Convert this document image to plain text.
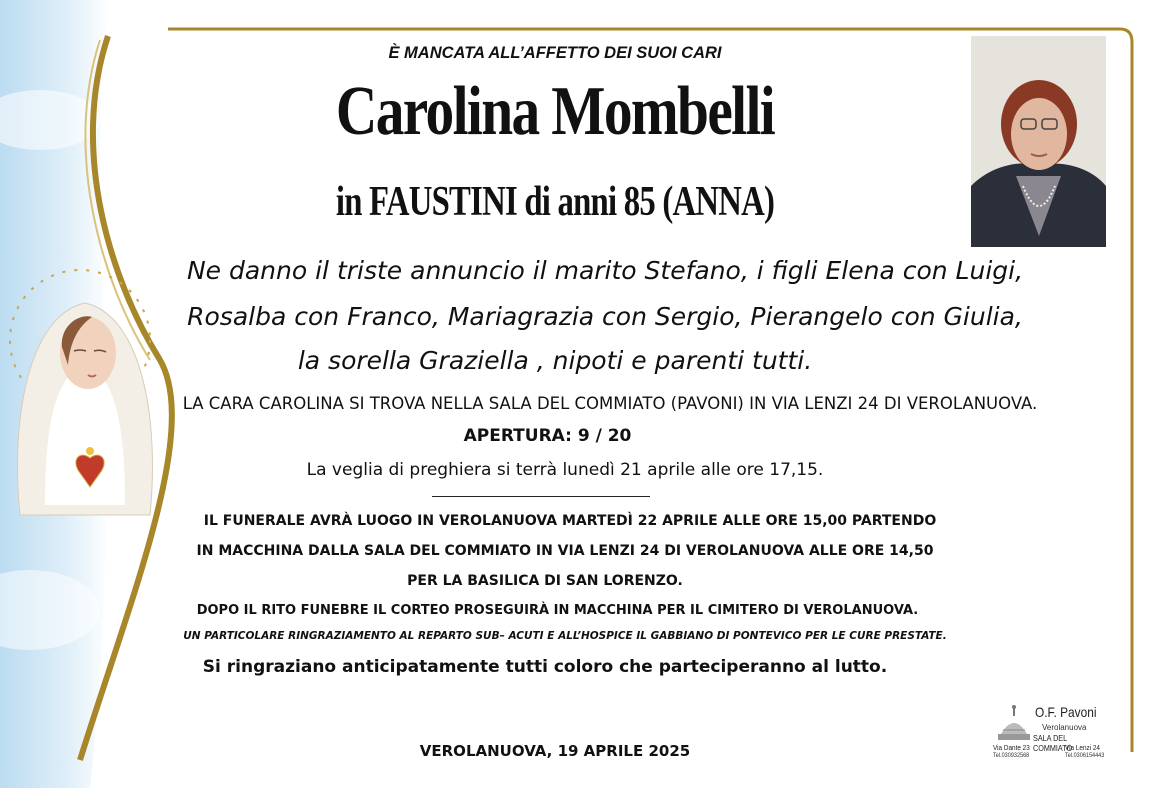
È MANCATA ALL’AFFETTO DEI SUOI CARI
Carolina Mombelli
in FAUSTINI di anni 85 (ANNA)
Ne danno il triste annuncio il marito Stefano, i figli Elena con Luigi,
Rosalba con Franco, Mariagrazia con Sergio, Pierangelo con Giulia,
la sorella Graziella , nipoti e parenti tutti.
LA CARA CAROLINA SI TROVA NELLA SALA DEL COMMIATO (PAVONI) IN VIA LENZI 24 DI VEROLANUOVA.
APERTURA: 9 / 20
La veglia di preghiera si terrà lunedì 21 aprile alle ore 17,15.
IL FUNERALE AVRÀ LUOGO IN VEROLANUOVA MARTEDÌ 22 APRILE ALLE ORE 15,00 PARTENDO
IN MACCHINA DALLA SALA DEL COMMIATO IN VIA LENZI 24 DI VEROLANUOVA ALLE ORE 14,50
PER LA BASILICA DI SAN LORENZO.
DOPO IL RITO FUNEBRE IL CORTEO PROSEGUIRÀ IN MACCHINA PER IL CIMITERO DI VEROLANUOVA.
UN PARTICOLARE RINGRAZIAMENTO AL REPARTO SUB– ACUTI E ALL’HOSPICE IL GABBIANO DI PONTEVICO PER LE CURE PRESTATE.
Si ringraziano anticipatamente tutti coloro che parteciperanno al lutto.
VEROLANUOVA, 19 APRILE 2025
O.F. Pavoni
Verolanuova
SALA DEL COMMIATO
Via Dante 23
Tel.030932568
Via Lenzi 24
Tel.0306154443
